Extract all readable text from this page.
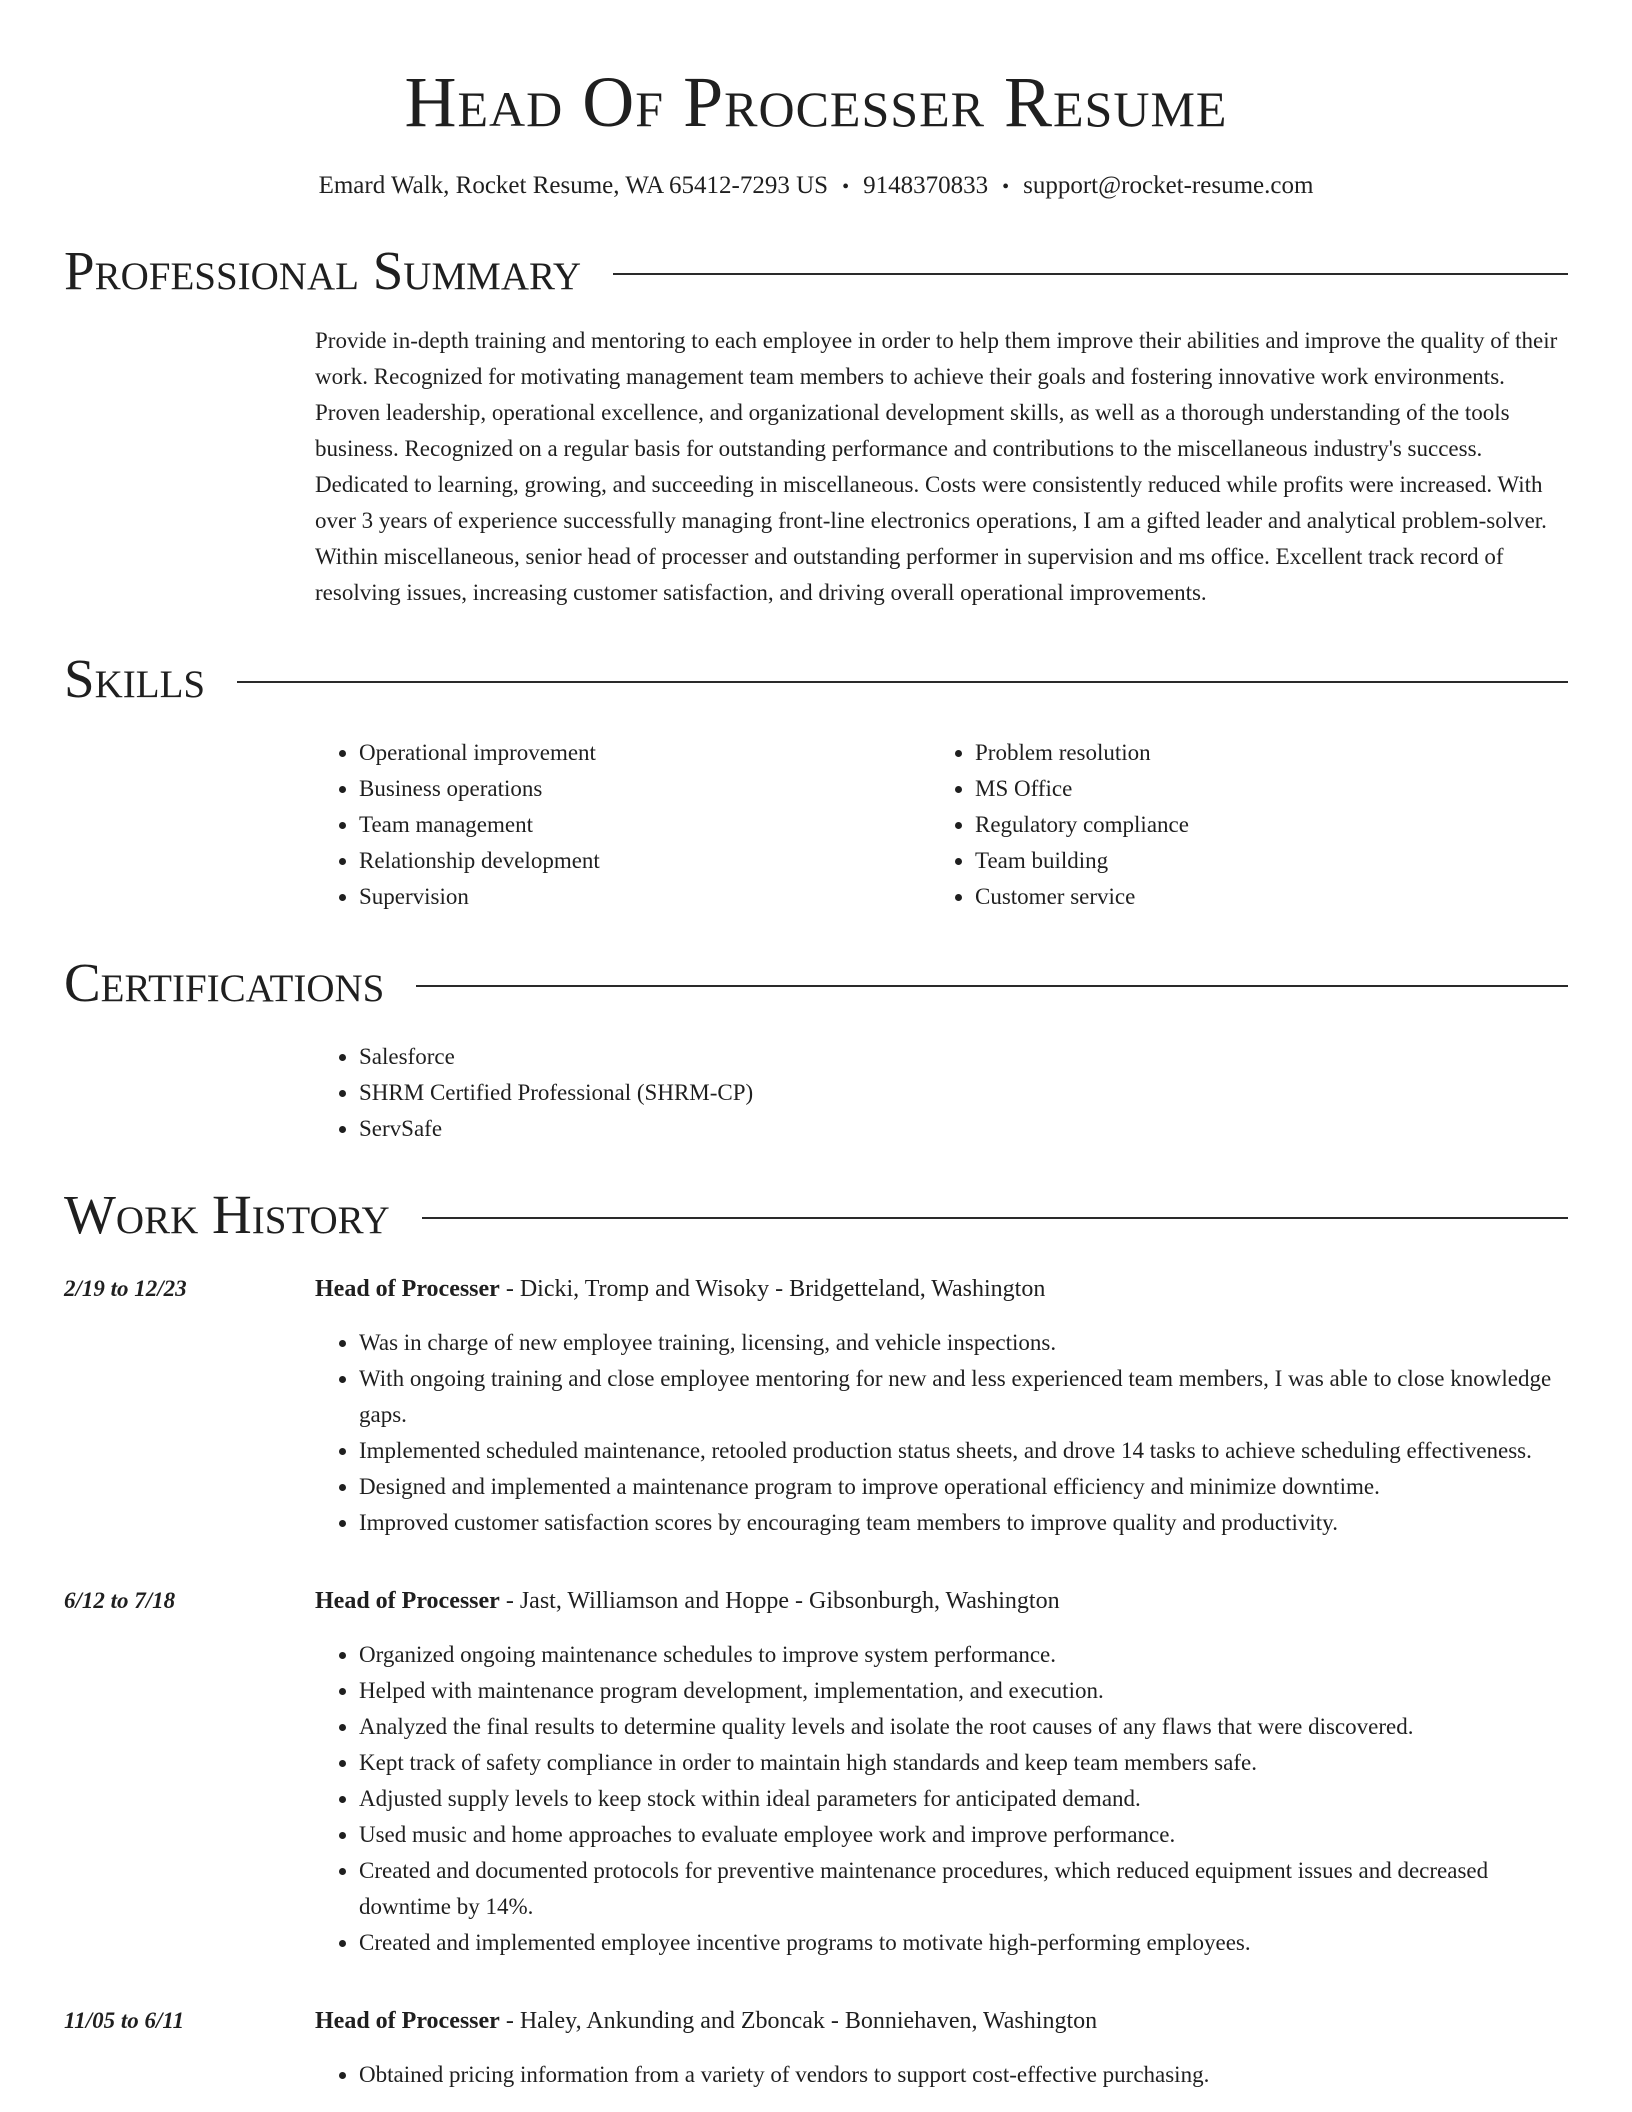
Head Of Processer Resume
Emard Walk, Rocket Resume, WA 65412-7293 US • 9148370833 • support@rocket-resume.com
Professional Summary

Provide in-depth training and mentoring to each employee in order to help them improve their abilities and improve the quality of their work. Recognized for motivating management team members to achieve their goals and fostering innovative work environments. Proven leadership, operational excellence, and organizational development skills, as well as a thorough understanding of the tools business. Recognized on a regular basis for outstanding performance and contributions to the miscellaneous industry's success. Dedicated to learning, growing, and succeeding in miscellaneous. Costs were consistently reduced while profits were increased. With over 3 years of experience successfully managing front-line electronics operations, I am a gifted leader and analytical problem-solver. Within miscellaneous, senior head of processer and outstanding performer in supervision and ms office. Excellent track record of resolving issues, increasing customer satisfaction, and driving overall operational improvements.

Skills
• Operational improvement
• Business operations
• Team management
• Relationship development
• Supervision
• Problem resolution
• MS Office
• Regulatory compliance
• Team building
• Customer service
Certifications
• Salesforce
• SHRM Certified Professional (SHRM-CP)
• ServSafe
Work History
2/19 to 12/23	Head of Processer - Dicki, Tromp and Wisoky - Bridgetteland, Washington
• Was in charge of new employee training, licensing, and vehicle inspections.
• With ongoing training and close employee mentoring for new and less experienced team members, I was able to close knowledge gaps.
• Implemented scheduled maintenance, retooled production status sheets, and drove 14 tasks to achieve scheduling effectiveness.
• Designed and implemented a maintenance program to improve operational efficiency and minimize downtime.
• Improved customer satisfaction scores by encouraging team members to improve quality and productivity.
6/12 to 7/18	Head of Processer - Jast, Williamson and Hoppe - Gibsonburgh, Washington
• Organized ongoing maintenance schedules to improve system performance.
• Helped with maintenance program development, implementation, and execution.
• Analyzed the final results to determine quality levels and isolate the root causes of any flaws that were discovered.
• Kept track of safety compliance in order to maintain high standards and keep team members safe.
• Adjusted supply levels to keep stock within ideal parameters for anticipated demand.
• Used music and home approaches to evaluate employee work and improve performance.
• Created and documented protocols for preventive maintenance procedures, which reduced equipment issues and decreased downtime by 14%.
• Created and implemented employee incentive programs to motivate high-performing employees.
11/05 to 6/11	Head of Processer - Haley, Ankunding and Zboncak - Bonniehaven, Washington
• Obtained pricing information from a variety of vendors to support cost-effective purchasing.
